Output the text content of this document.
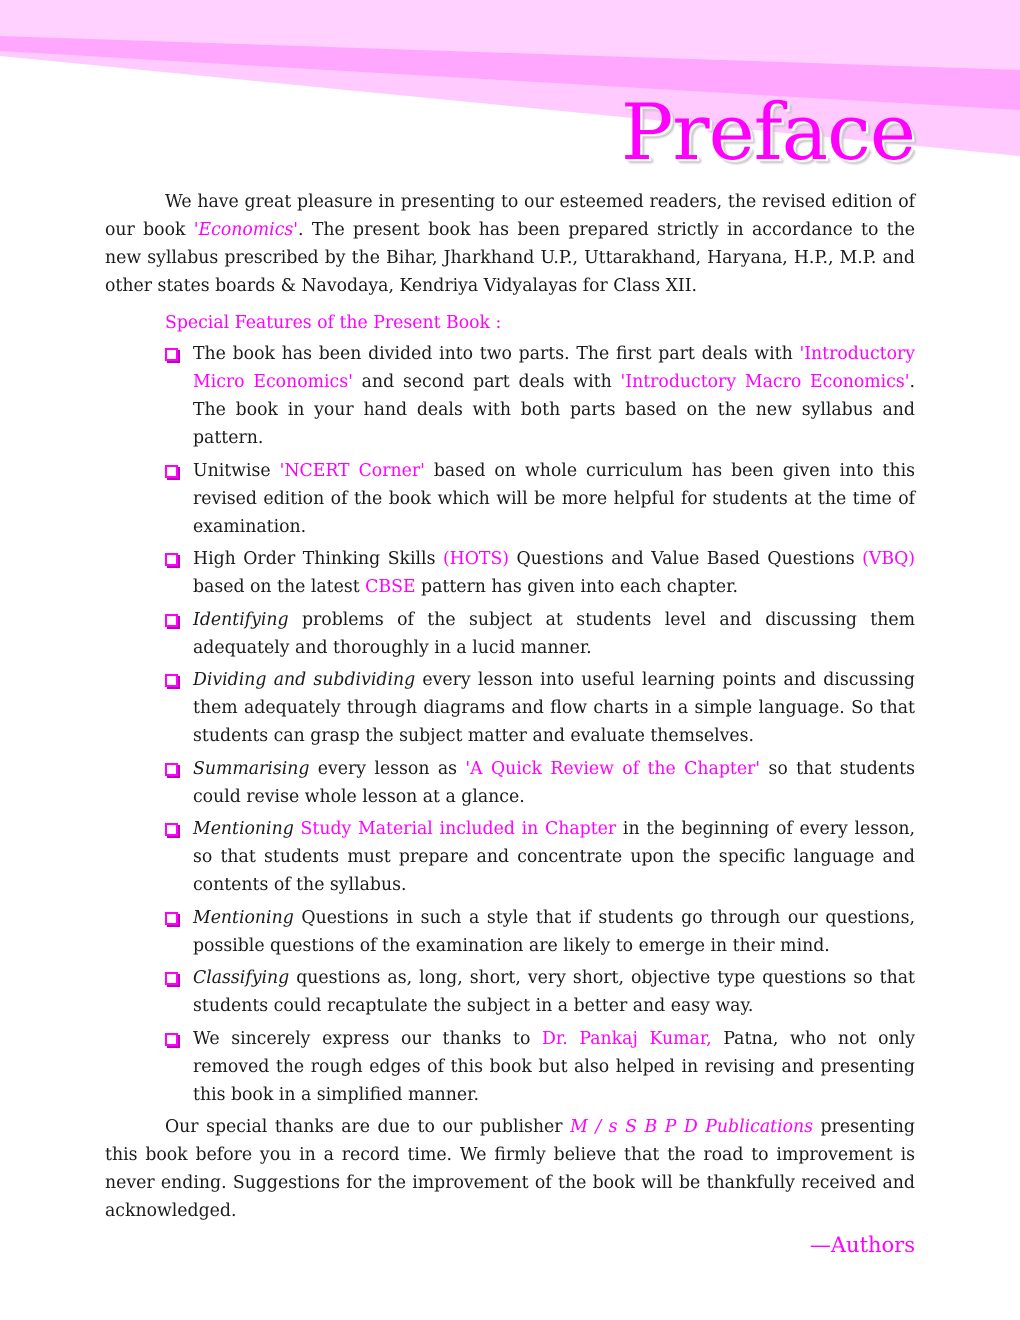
Preface

We have great pleasure in presenting to our esteemed readers, the revised edition of our book 'Economics'. The present book has been prepared strictly in accordance to the new syllabus prescribed by the Bihar, Jharkhand U.P., Uttarakhand, Haryana, H.P., M.P. and other states boards & Navodaya, Kendriya Vidyalayas for Class XII.

Special Features of the Present Book :

The book has been divided into two parts. The first part deals with 'Introductory Micro Economics' and second part deals with 'Introductory Macro Economics'. The book in your hand deals with both parts based on the new syllabus and pattern.
Unitwise 'NCERT Corner' based on whole curriculum has been given into this revised edition of the book which will be more helpful for students at the time of examination.
High Order Thinking Skills (HOTS) Questions and Value Based Questions (VBQ) based on the latest CBSE pattern has given into each chapter.
Identifying problems of the subject at students level and discussing them adequately and thoroughly in a lucid manner.
Dividing and subdividing every lesson into useful learning points and discussing them adequately through diagrams and flow charts in a simple language. So that students can grasp the subject matter and evaluate themselves.
Summarising every lesson as 'A Quick Review of the Chapter' so that students could revise whole lesson at a glance.
Mentioning Study Material included in Chapter in the beginning of every lesson, so that students must prepare and concentrate upon the specific language and contents of the syllabus.
Mentioning Questions in such a style that if students go through our questions, possible questions of the examination are likely to emerge in their mind.
Classifying questions as, long, short, very short, objective type questions so that students could recaptulate the subject in a better and easy way.
We sincerely express our thanks to Dr. Pankaj Kumar, Patna, who not only removed the rough edges of this book but also helped in revising and presenting this book in a simplified manner.

Our special thanks are due to our publisher M / s S B P D Publications presenting this book before you in a record time. We firmly believe that the road to improvement is never ending. Suggestions for the improvement of the book will be thankfully received and acknowledged.

—Authors
